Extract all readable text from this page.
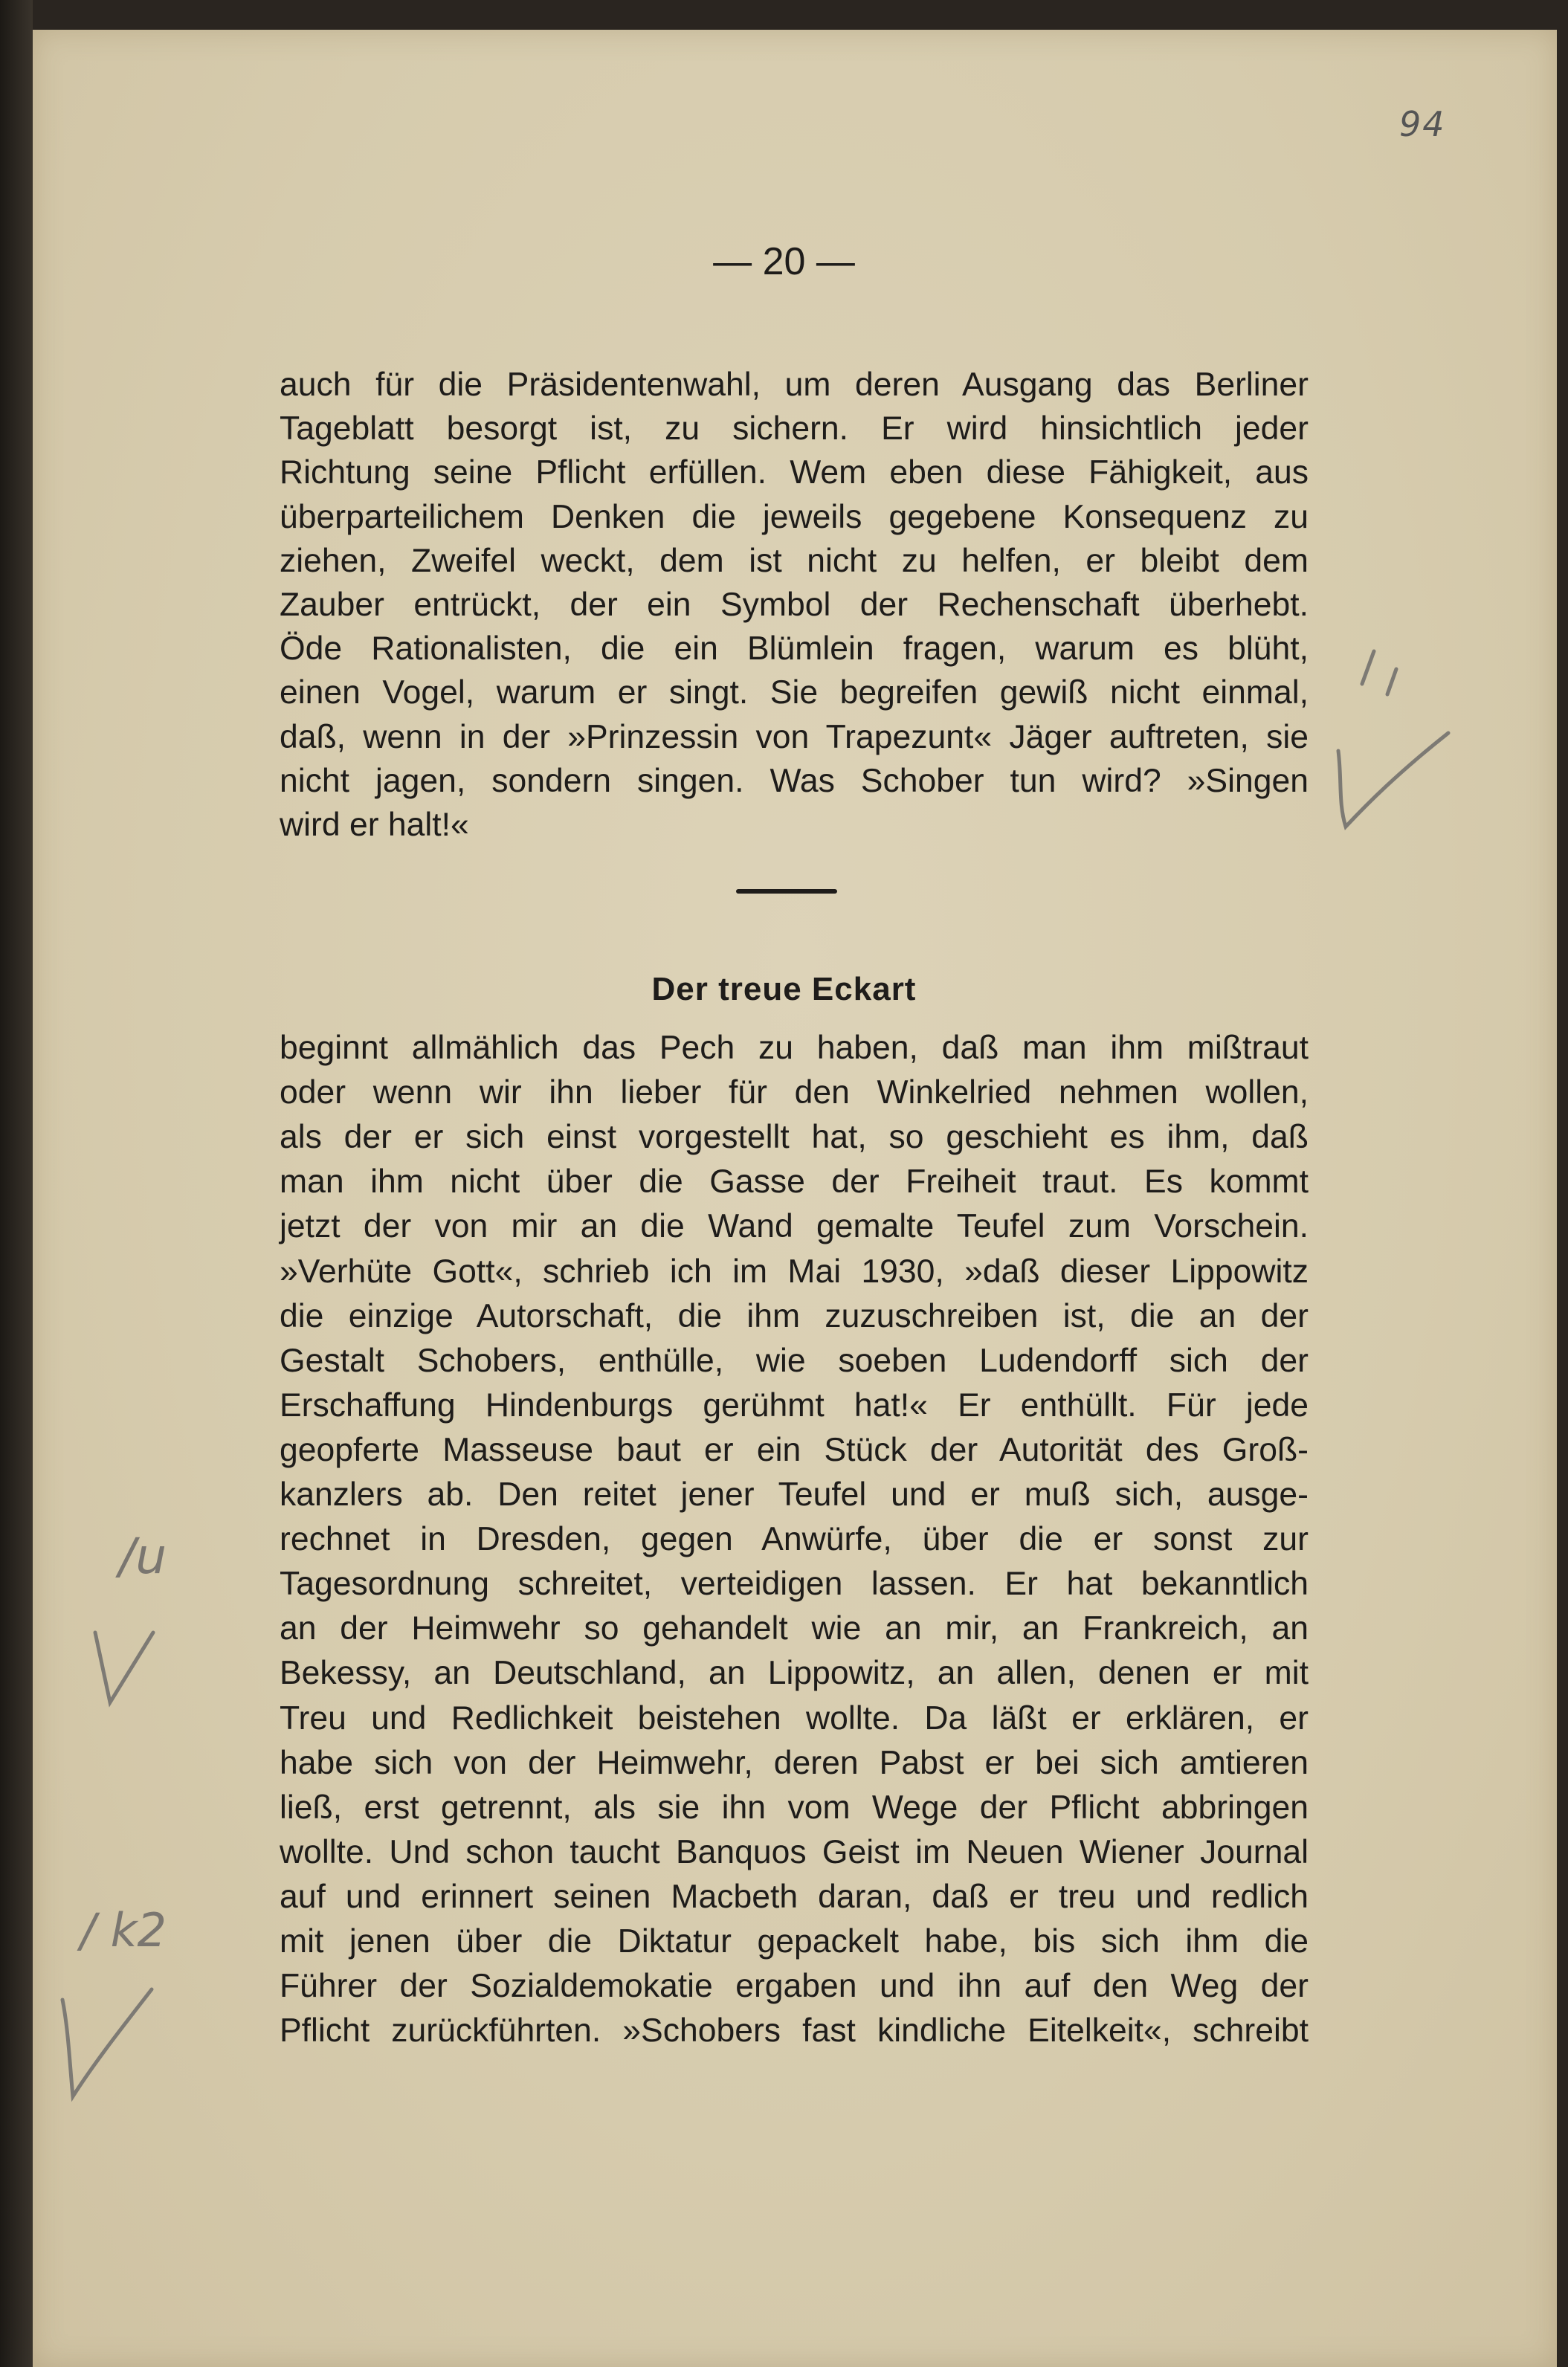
94
— 20 —
auch für die Präsidentenwahl, um deren Ausgang das Berliner
Tageblatt besorgt ist, zu sichern. Er wird hinsichtlich jeder
Richtung seine Pflicht erfüllen. Wem eben diese Fähigkeit, aus
überparteilichem Denken die jeweils gegebene Konsequenz zu
ziehen, Zweifel weckt, dem ist nicht zu helfen, er bleibt dem
Zauber entrückt, der ein Symbol der Rechenschaft überhebt.
Öde Rationalisten, die ein Blümlein fragen, warum es blüht,
einen Vogel, warum er singt. Sie begreifen gewiß nicht einmal,
daß, wenn in der »Prinzessin von Trapezunt« Jäger auftreten, sie
nicht jagen, sondern singen. Was Schober tun wird? »Singen
wird er halt!«
Der treue Eckart
beginnt allmählich das Pech zu haben, daß man ihm mißtraut
oder wenn wir ihn lieber für den Winkelried nehmen wollen,
als der er sich einst vorgestellt hat, so geschieht es ihm, daß
man ihm nicht über die Gasse der Freiheit traut. Es kommt
jetzt der von mir an die Wand gemalte Teufel zum Vorschein.
»Verhüte Gott«, schrieb ich im Mai 1930, »daß dieser Lippowitz
die einzige Autorschaft, die ihm zuzuschreiben ist, die an der
Gestalt Schobers, enthülle, wie soeben Ludendorff sich der
Erschaffung Hindenburgs gerühmt hat!« Er enthüllt. Für jede
geopferte Masseuse baut er ein Stück der Autorität des Groß-
kanzlers ab. Den reitet jener Teufel und er muß sich, ausge-
rechnet in Dresden, gegen Anwürfe, über die er sonst zur
Tagesordnung schreitet, verteidigen lassen. Er hat bekanntlich
an der Heimwehr so gehandelt wie an mir, an Frankreich, an
Bekessy, an Deutschland, an Lippowitz, an allen, denen er mit
Treu und Redlichkeit beistehen wollte. Da läßt er erklären, er
habe sich von der Heimwehr, deren Pabst er bei sich amtieren
ließ, erst getrennt, als sie ihn vom Wege der Pflicht abbringen
wollte. Und schon taucht Banquos Geist im Neuen Wiener Journal
auf und erinnert seinen Macbeth daran, daß er treu und redlich
mit jenen über die Diktatur gepackelt habe, bis sich ihm die
Führer der Sozialdemokatie ergaben und ihn auf den Weg der
Pflicht zurückführten. »Schobers fast kindliche Eitelkeit«, schreibt
/u
/ k2
